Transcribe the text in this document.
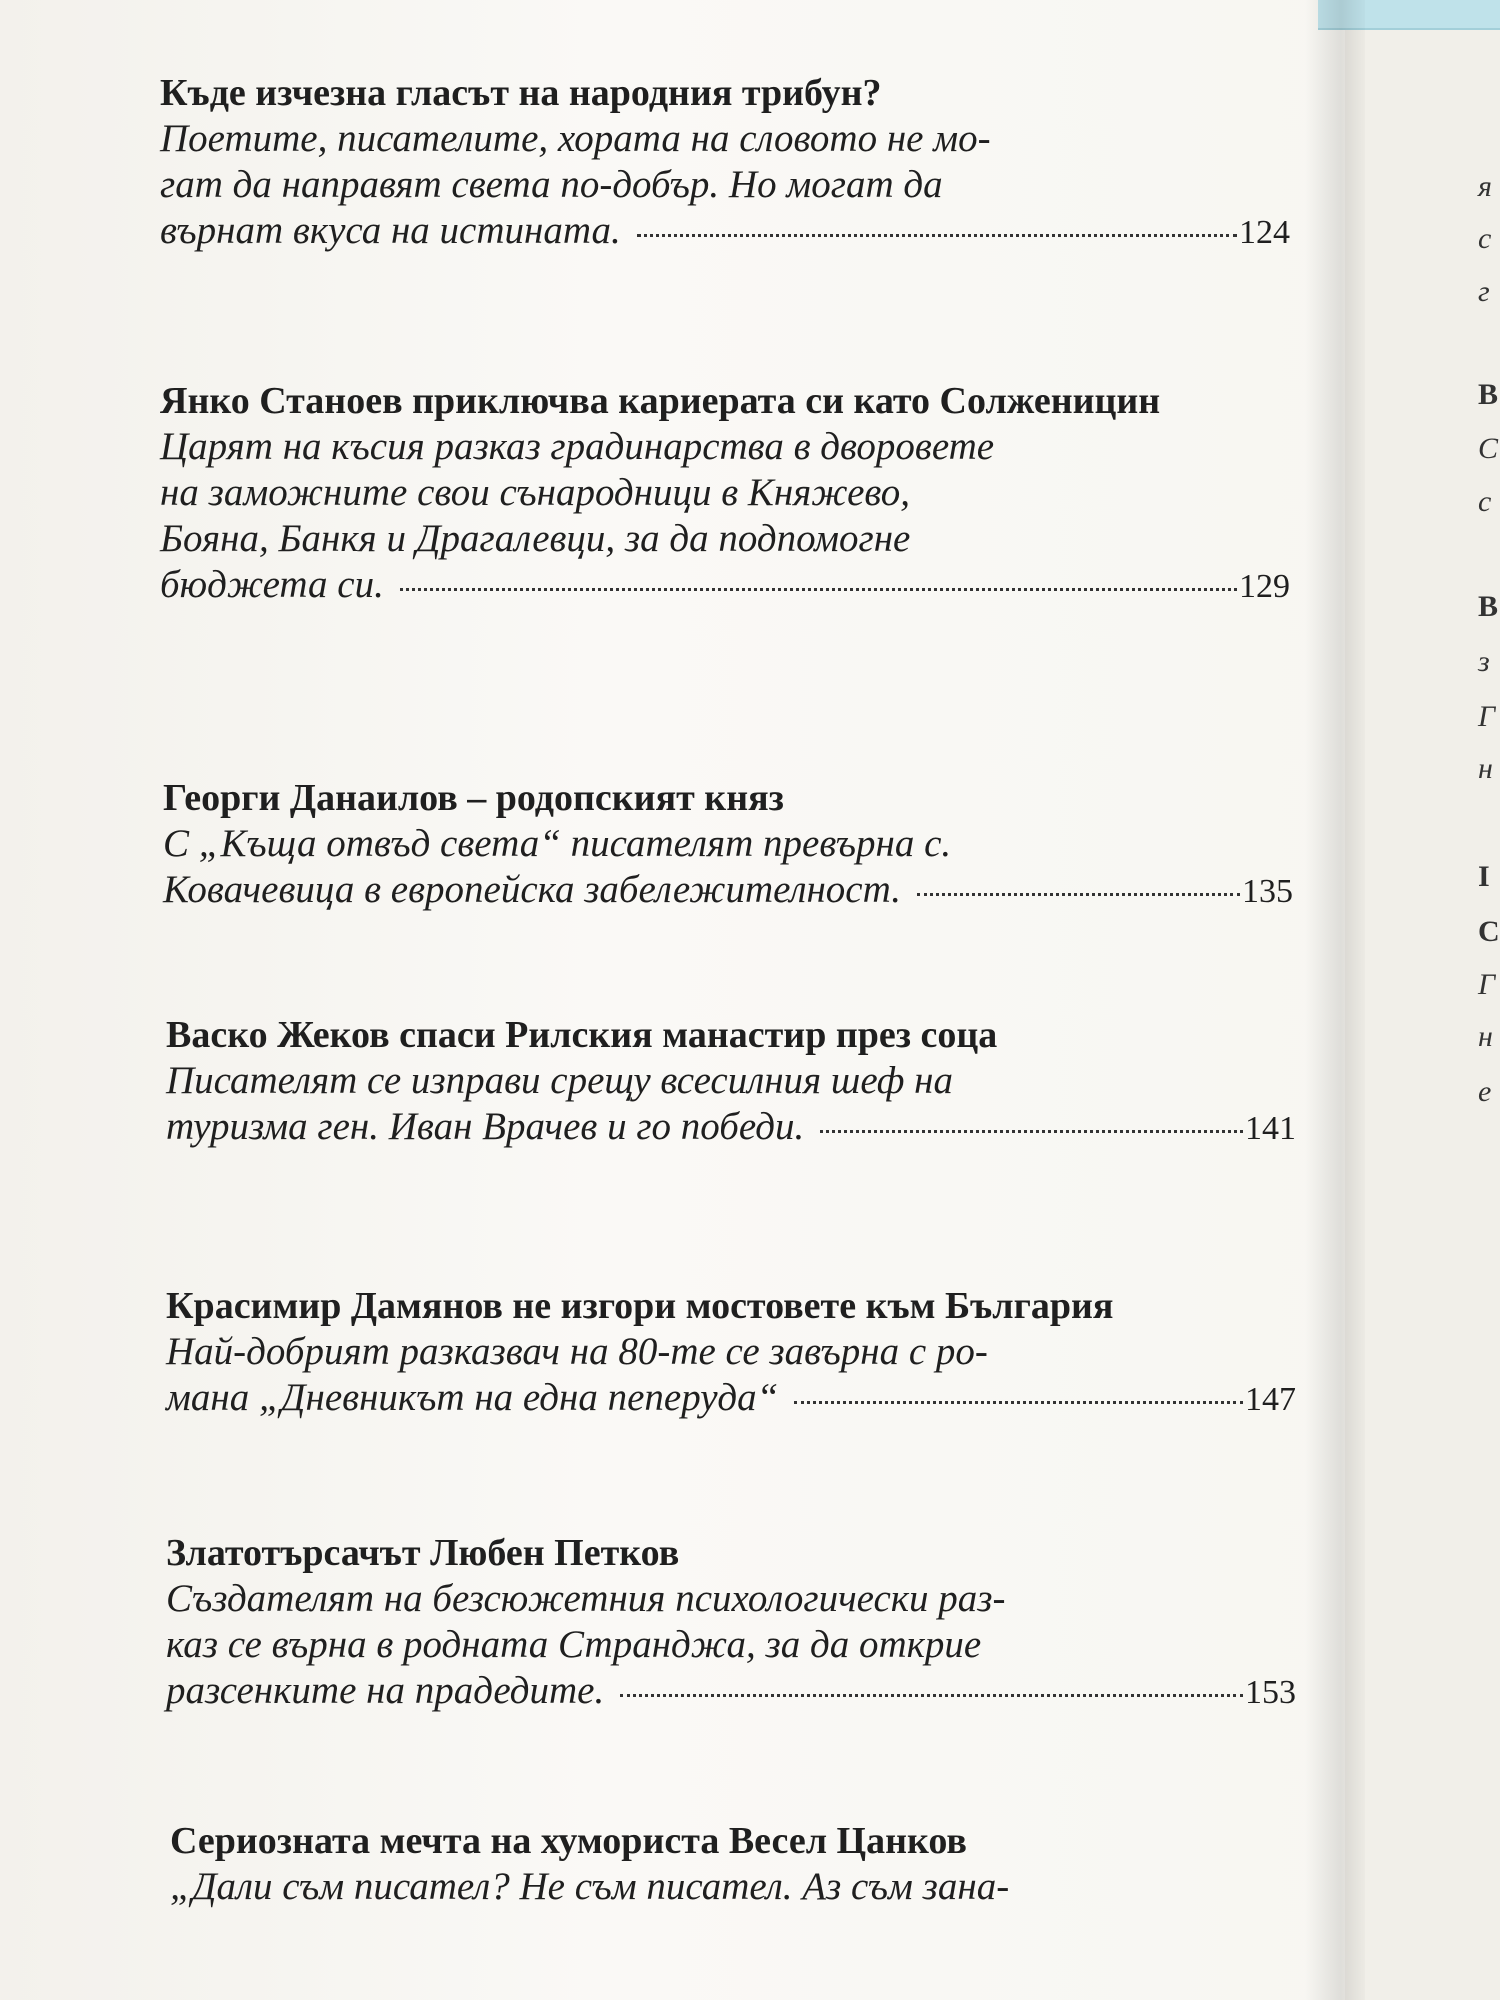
я
с
г
В
С
с
В
з
Г
н
І
С
Г
н
е
Къде изчезна гласът на народния трибун?
Поетите, писателите, хората на словото не мо-
гат да направят света по-добър. Но могат да
върнат вкуса на истината.	124
Янко Станоев приключва кариерата си като Солженицин
Царят на късия разказ градинарства в дворовете
на заможните свои сънародници в Княжево,
Бояна, Банкя и Драгалевци, за да подпомогне
бюджета си.	129
Георги Данаилов – родопският княз
С „Къща отвъд света“ писателят превърна с.
Ковачевица в европейска забележителност.	135
Васко Жеков спаси Рилския манастир през соца
Писателят се изправи срещу всесилния шеф на
туризма ген. Иван Врачев и го победи.	141
Красимир Дамянов не изгори мостовете към България
Най-добрият разказвач на 80-те се завърна с ро-
мана „Дневникът на една пеперуда“	147
Златотърсачът Любен Петков
Създателят на безсюжетния психологически раз-
каз се върна в родната Странджа, за да открие
разсенките на прадедите.	153
Сериозната мечта на хумориста Весел Цанков
„Дали съм писател? Не съм писател. Аз съм зана-
